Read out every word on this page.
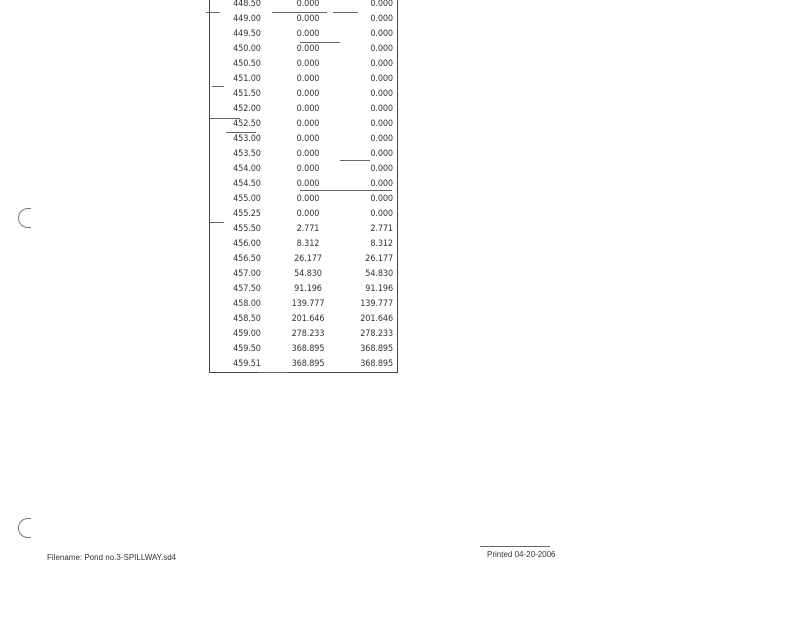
448.50	0.000	0.000
449.00	0.000	0.000
449.50	0.000	0.000
450.00	0.000	0.000
450.50	0.000	0.000
451.00	0.000	0.000
451.50	0.000	0.000
452.00	0.000	0.000
452.50	0.000	0.000
453.00	0.000	0.000
453.50	0.000	0.000
454.00	0.000	0.000
454.50	0.000	0.000
455.00	0.000	0.000
455.25	0.000	0.000
455.50	2.771	2.771
456.00	8.312	8.312
456.50	26.177	26.177
457.00	54.830	54.830
457.50	91.196	91.196
458.00	139.777	139.777
458.50	201.646	201.646
459.00	278.233	278.233
459.50	368.895	368.895
459.51	368.895	368.895
Filename: Pond no.3-SPILLWAY.sd4	Printed 04-20-2006
